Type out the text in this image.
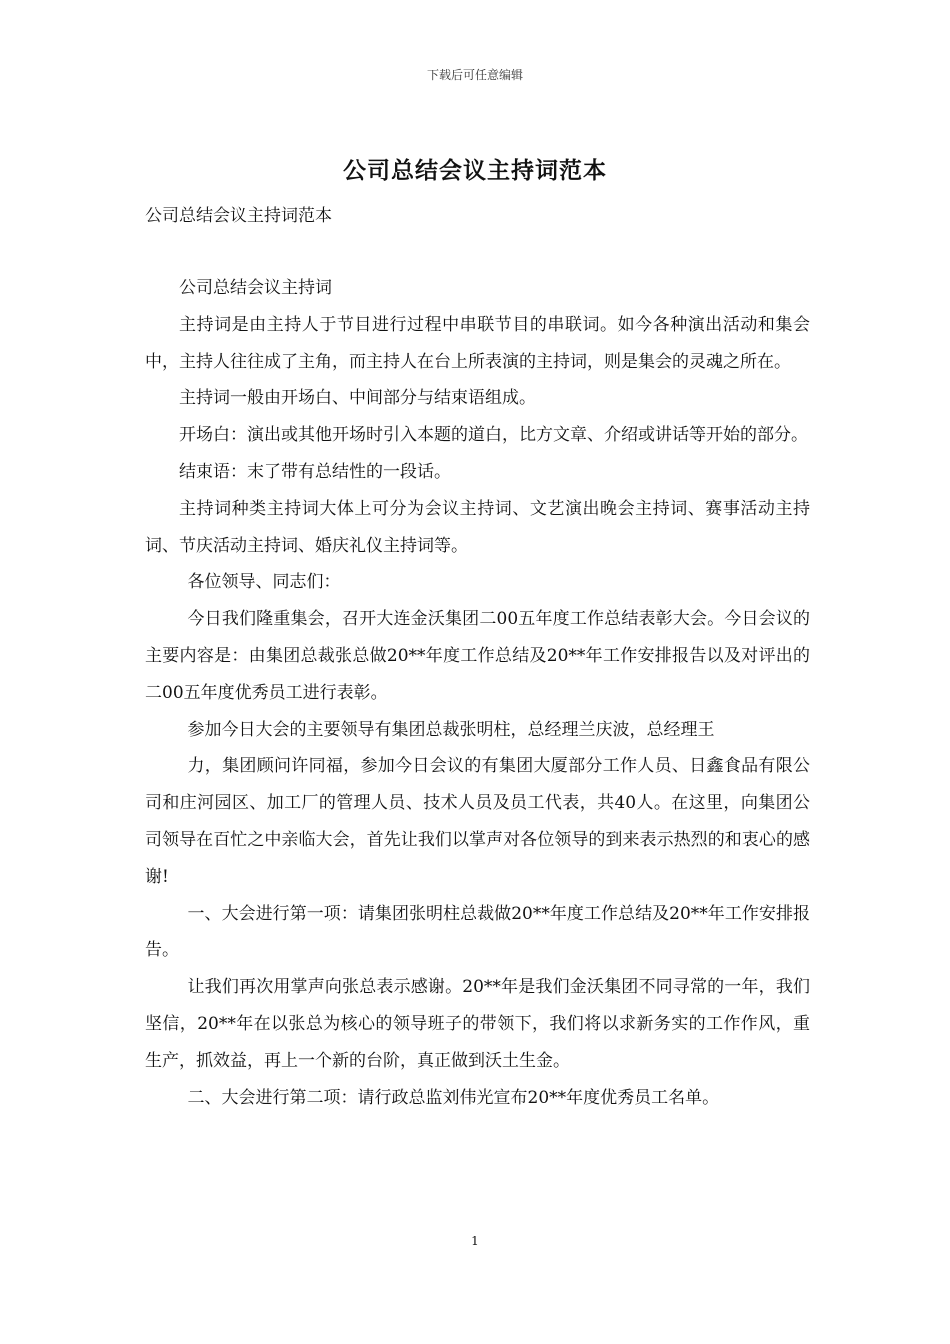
下载后可任意编辑
公司总结会议主持词范本
公司总结会议主持词范本

公司总结会议主持词

主持词是由主持人于节目进行过程中串联节目的串联词。如今各种演出活动和集会中，主持人往往成了主角，而主持人在台上所表演的主持词，则是集会的灵魂之所在。

主持词一般由开场白、中间部分与结束语组成。

开场白：演出或其他开场时引入本题的道白，比方文章、介绍或讲话等开始的部分。

结束语：末了带有总结性的一段话。

主持词种类主持词大体上可分为会议主持词、文艺演出晚会主持词、赛事活动主持词、节庆活动主持词、婚庆礼仪主持词等。

各位领导、同志们：

今日我们隆重集会，召开大连金沃集团二00五年度工作总结表彰大会。今日会议的主要内容是：由集团总裁张总做20**年度工作总结及20**年工作安排报告以及对评出的二00五年度优秀员工进行表彰。

参加今日大会的主要领导有集团总裁张明柱，总经理兰庆波，总经理王

力，集团顾问许同福，参加今日会议的有集团大厦部分工作人员、日鑫食品有限公司和庄河园区、加工厂的管理人员、技术人员及员工代表，共40人。在这里，向集团公司领导在百忙之中亲临大会，首先让我们以掌声对各位领导的到来表示热烈的和衷心的感谢!

一、大会进行第一项：请集团张明柱总裁做20**年度工作总结及20**年工作安排报告。

让我们再次用掌声向张总表示感谢。20**年是我们金沃集团不同寻常的一年，我们坚信，20**年在以张总为核心的领导班子的带领下，我们将以求新务实的工作作风，重生产，抓效益，再上一个新的台阶，真正做到沃土生金。

二、大会进行第二项：请行政总监刘伟光宣布20**年度优秀员工名单。

1
